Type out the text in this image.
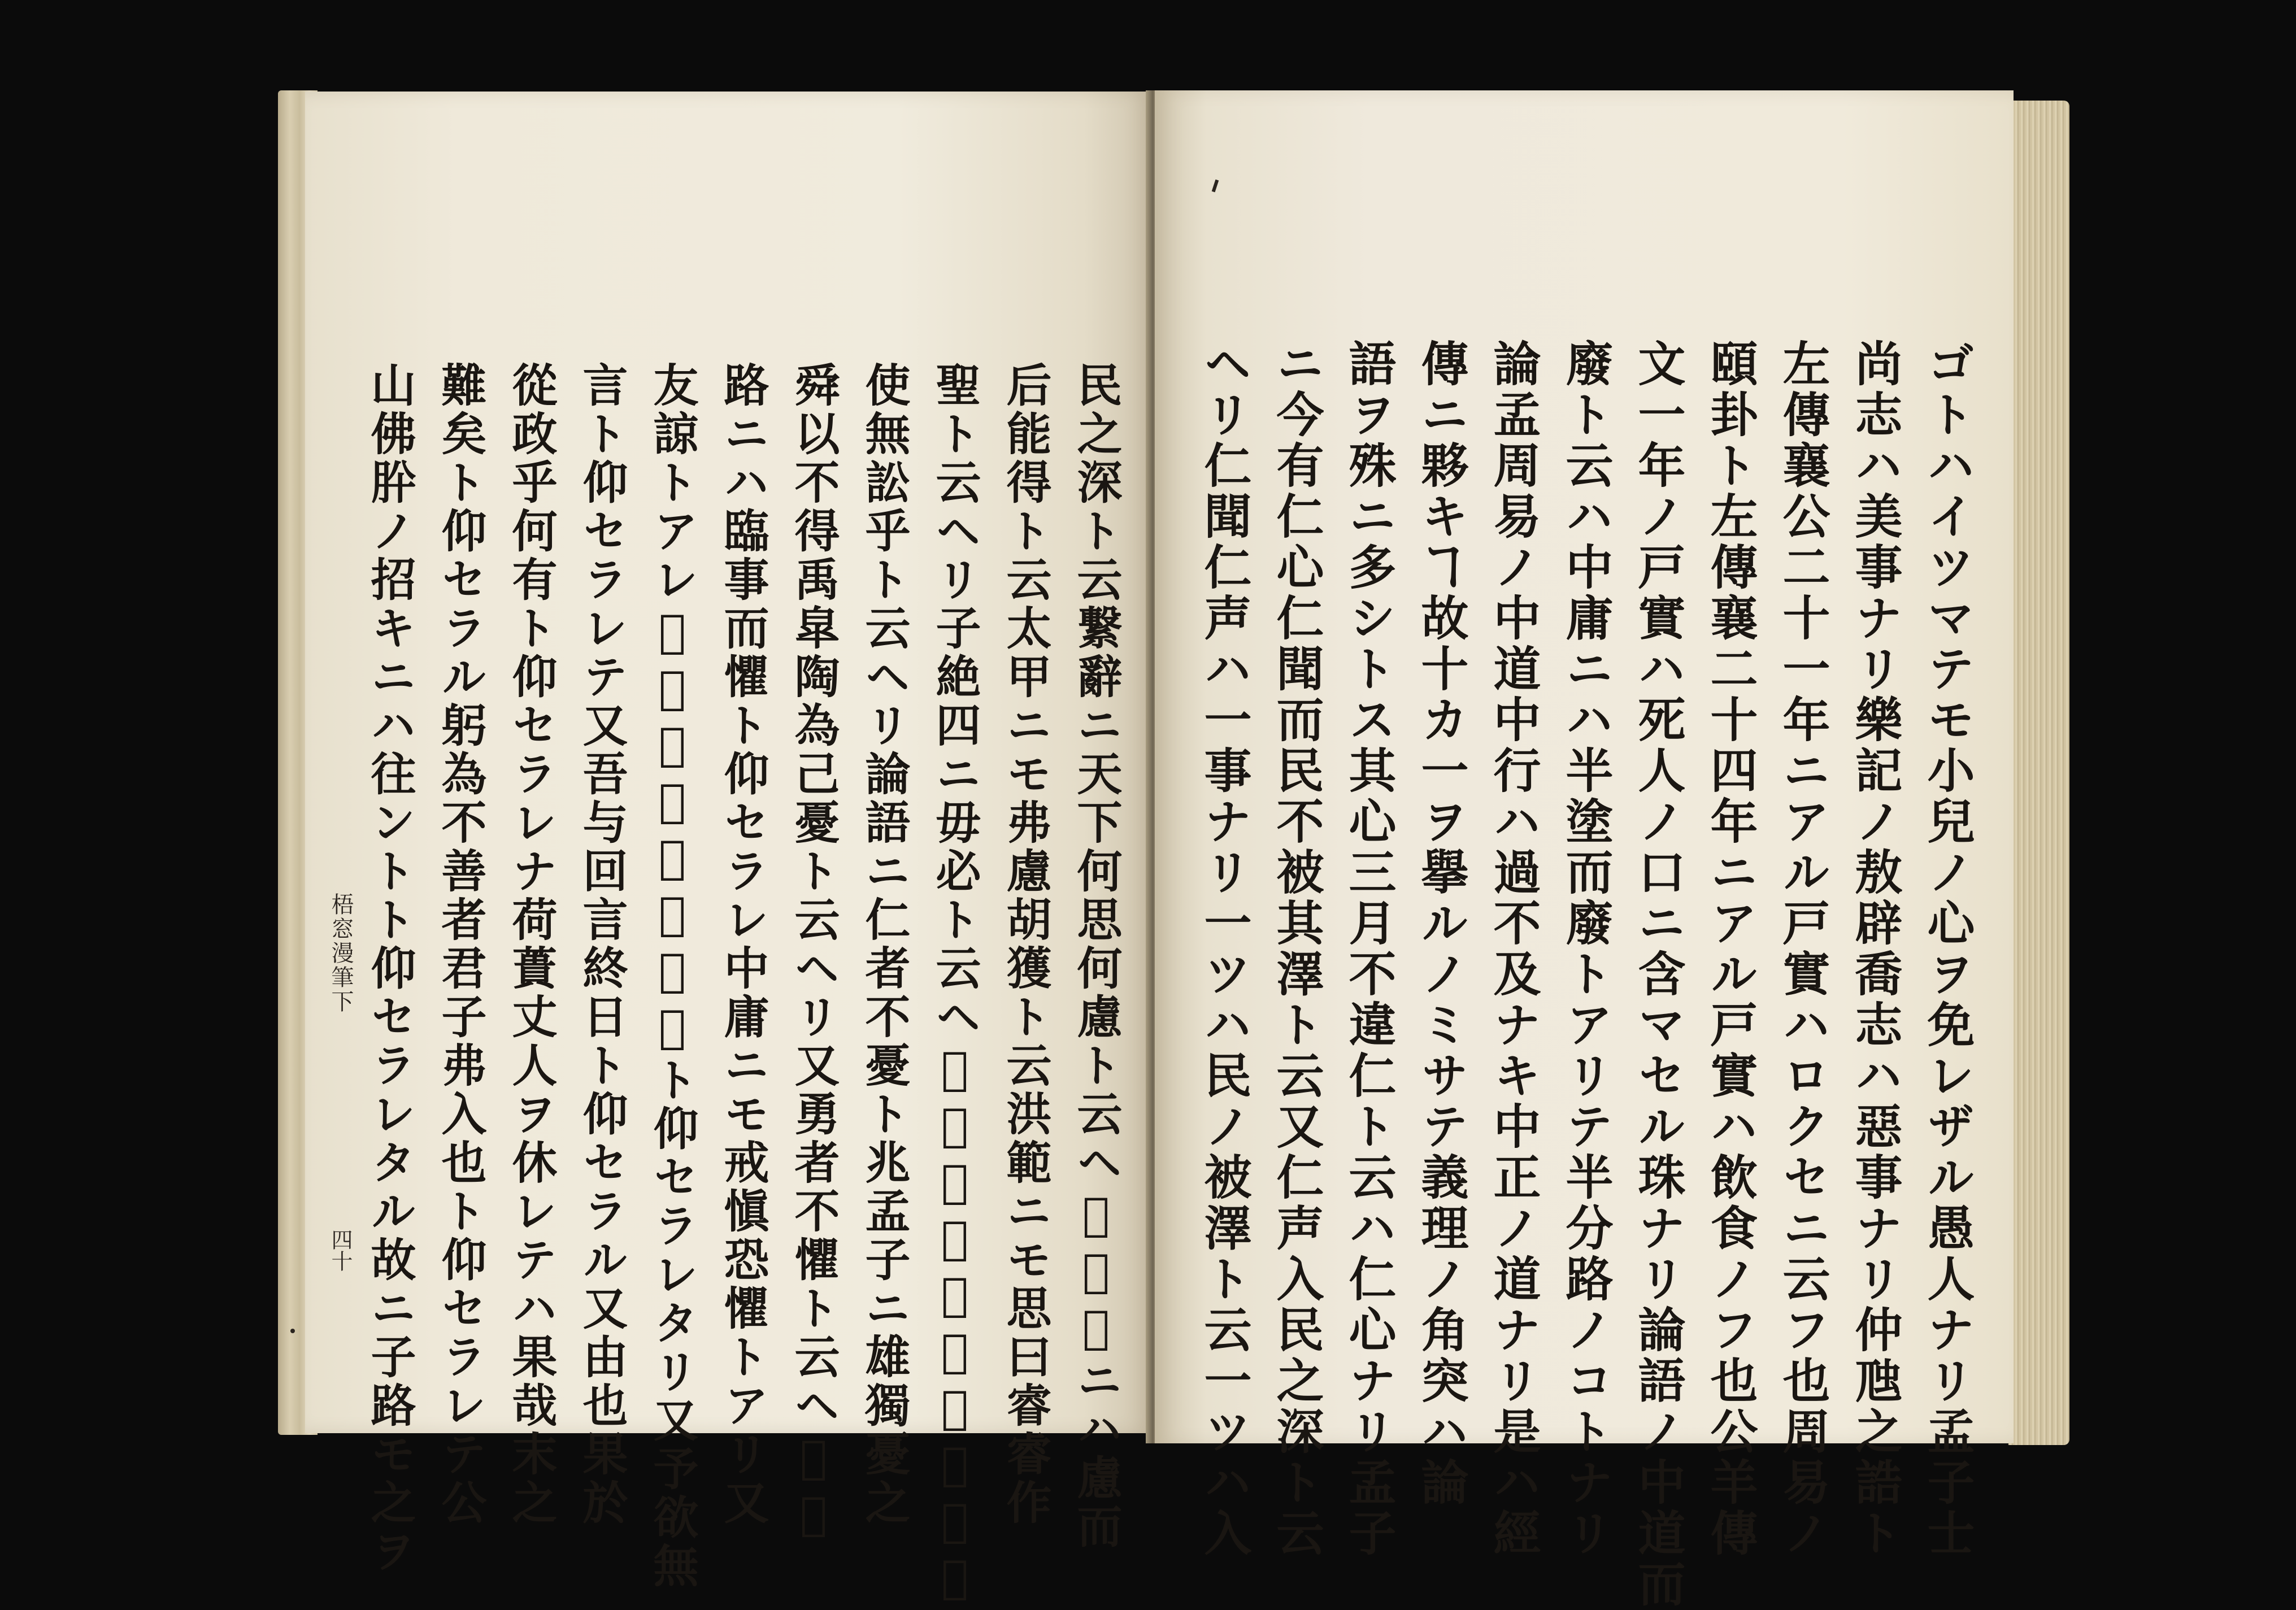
梧窓漫筆下
四十	民之深ト云繋辭ニ天下何思何慮ト云ヘ𪜈大學ニハ慮而
后能得ト云太甲ニモ弗慮胡獲ト云洪範ニモ思曰睿睿作
聖ト云ヘリ子絶四ニ毋必ト云ヘ𪜈又云必乎正名乎必乎
使無訟乎ト云ヘリ論語ニ仁者不憂ト兆孟子ニ雄獨憂之
舜以不得禹皐陶為己憂ト云ヘリ又勇者不懼ト云ヘ𪜈子
路ニハ臨事而懼ト仰セラレ中庸ニモ戒愼恐懼トアリ又
友諒トアレ𪜈又君子貞而不諒ト仰セラレタリ又予欲無
言ト仰セラレテ又吾与回言終日ト仰セラル又由也果於
從政乎何有ト仰セラレナ荷蕢丈人ヲ休レテハ果哉末之
難矣ト仰セラル躬為不善者君子弗入也ト仰セラレテ公
山佛肸ノ招キニハ往ントト仰セラレタル故ニ子路モ之ヲ	ゴトハイツマテモ小兒ノ心ヲ免レザル愚人ナリ孟子士
尚志ハ美事ナリ樂記ノ敖辟喬志ハ惡事ナリ仲虺之誥ト
左傳襄公二十一年ニアル戸實ハロクセニ云フ也周易ノ
頤卦ト左傳襄二十四年ニアル戸實ハ飲食ノフ也公羊傳
文一年ノ戸實ハ死人ノ口ニ含マセル珠ナリ論語ノ中道而
廢ト云ハ中庸ニハ半塗而廢トアリテ半分路ノコトナリ
論孟周易ノ中道中行ハ過不及ナキ中正ノ道ナリ是ハ經
傳ニ夥キヿ故十カ一ヲ擧ルノミサテ義理ノ角突ハ論
語ヲ殊ニ多シトス其心三月不違仁ト云ハ仁心ナリ孟子
ニ今有仁心仁聞而民不被其澤ト云又仁声入民之深ト云
ヘリ仁聞仁声ハ一事ナリ一ツハ民ノ被澤ト云一ツハ入
